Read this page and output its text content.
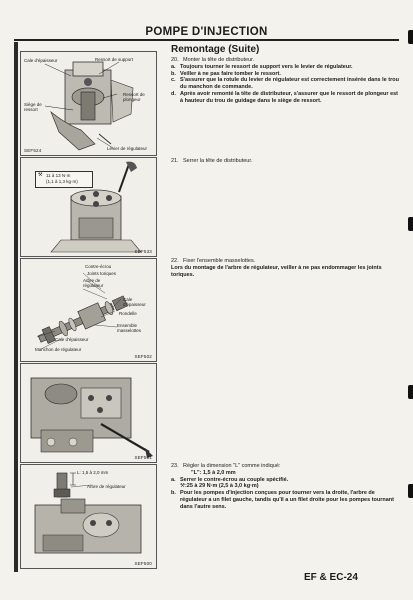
POMPE D'INJECTION
Remontage (Suite)
Cale d'épaisseur	Ressort de support
Ressort de plongeur
Siège de ressort
Levier de régulateur
SEF524
⚒ 11 à 13 N·m
(1,1 à 1,3 kg·m)
SEF533
Contre-écrou
Joints toriques
Arbre de régulateur
Cale d'épaisseur
Rondelle
Ensemble masselottes
Cale d'épaisseur
Manchon de régulateur
SEF502
SEF501
L: 1,5 à 2,0 mm
Arbre de régulateur
SEF500
20. Monter la tête de distributeur.
a. Toujours tourner le ressort de support vers le levier de régulateur.
b. Veiller à ne pas faire tomber le ressort.
c. S'assurer que la rotule du levier de régulateur est correctement insérée dans le trou du manchon de commande.
d. Après avoir remonté la tête de distributeur, s'assurer que le ressort de plongeur est à hauteur du trou de guidage dans le siège de ressort.
21. Serrer la tête de distributeur.
22. Fixer l'ensemble masselottes.
Lors du montage de l'arbre de régulateur, veiller à ne pas endommager les joints toriques.
23. Régler la dimension "L" comme indiqué:
"L": 1,5 à 2,0 mm
a. Serrer le contre-écrou au couple spécifié.
⚒:25 à 29 N·m (2,5 à 3,0 kg·m)
b. Pour les pompes d'injection conçues pour tourner vers la droite, l'arbre de régulateur a un filet gauche, tandis qu'il a un filet droite pour les pompes tournant dans l'autre sens.
EF & EC-24
